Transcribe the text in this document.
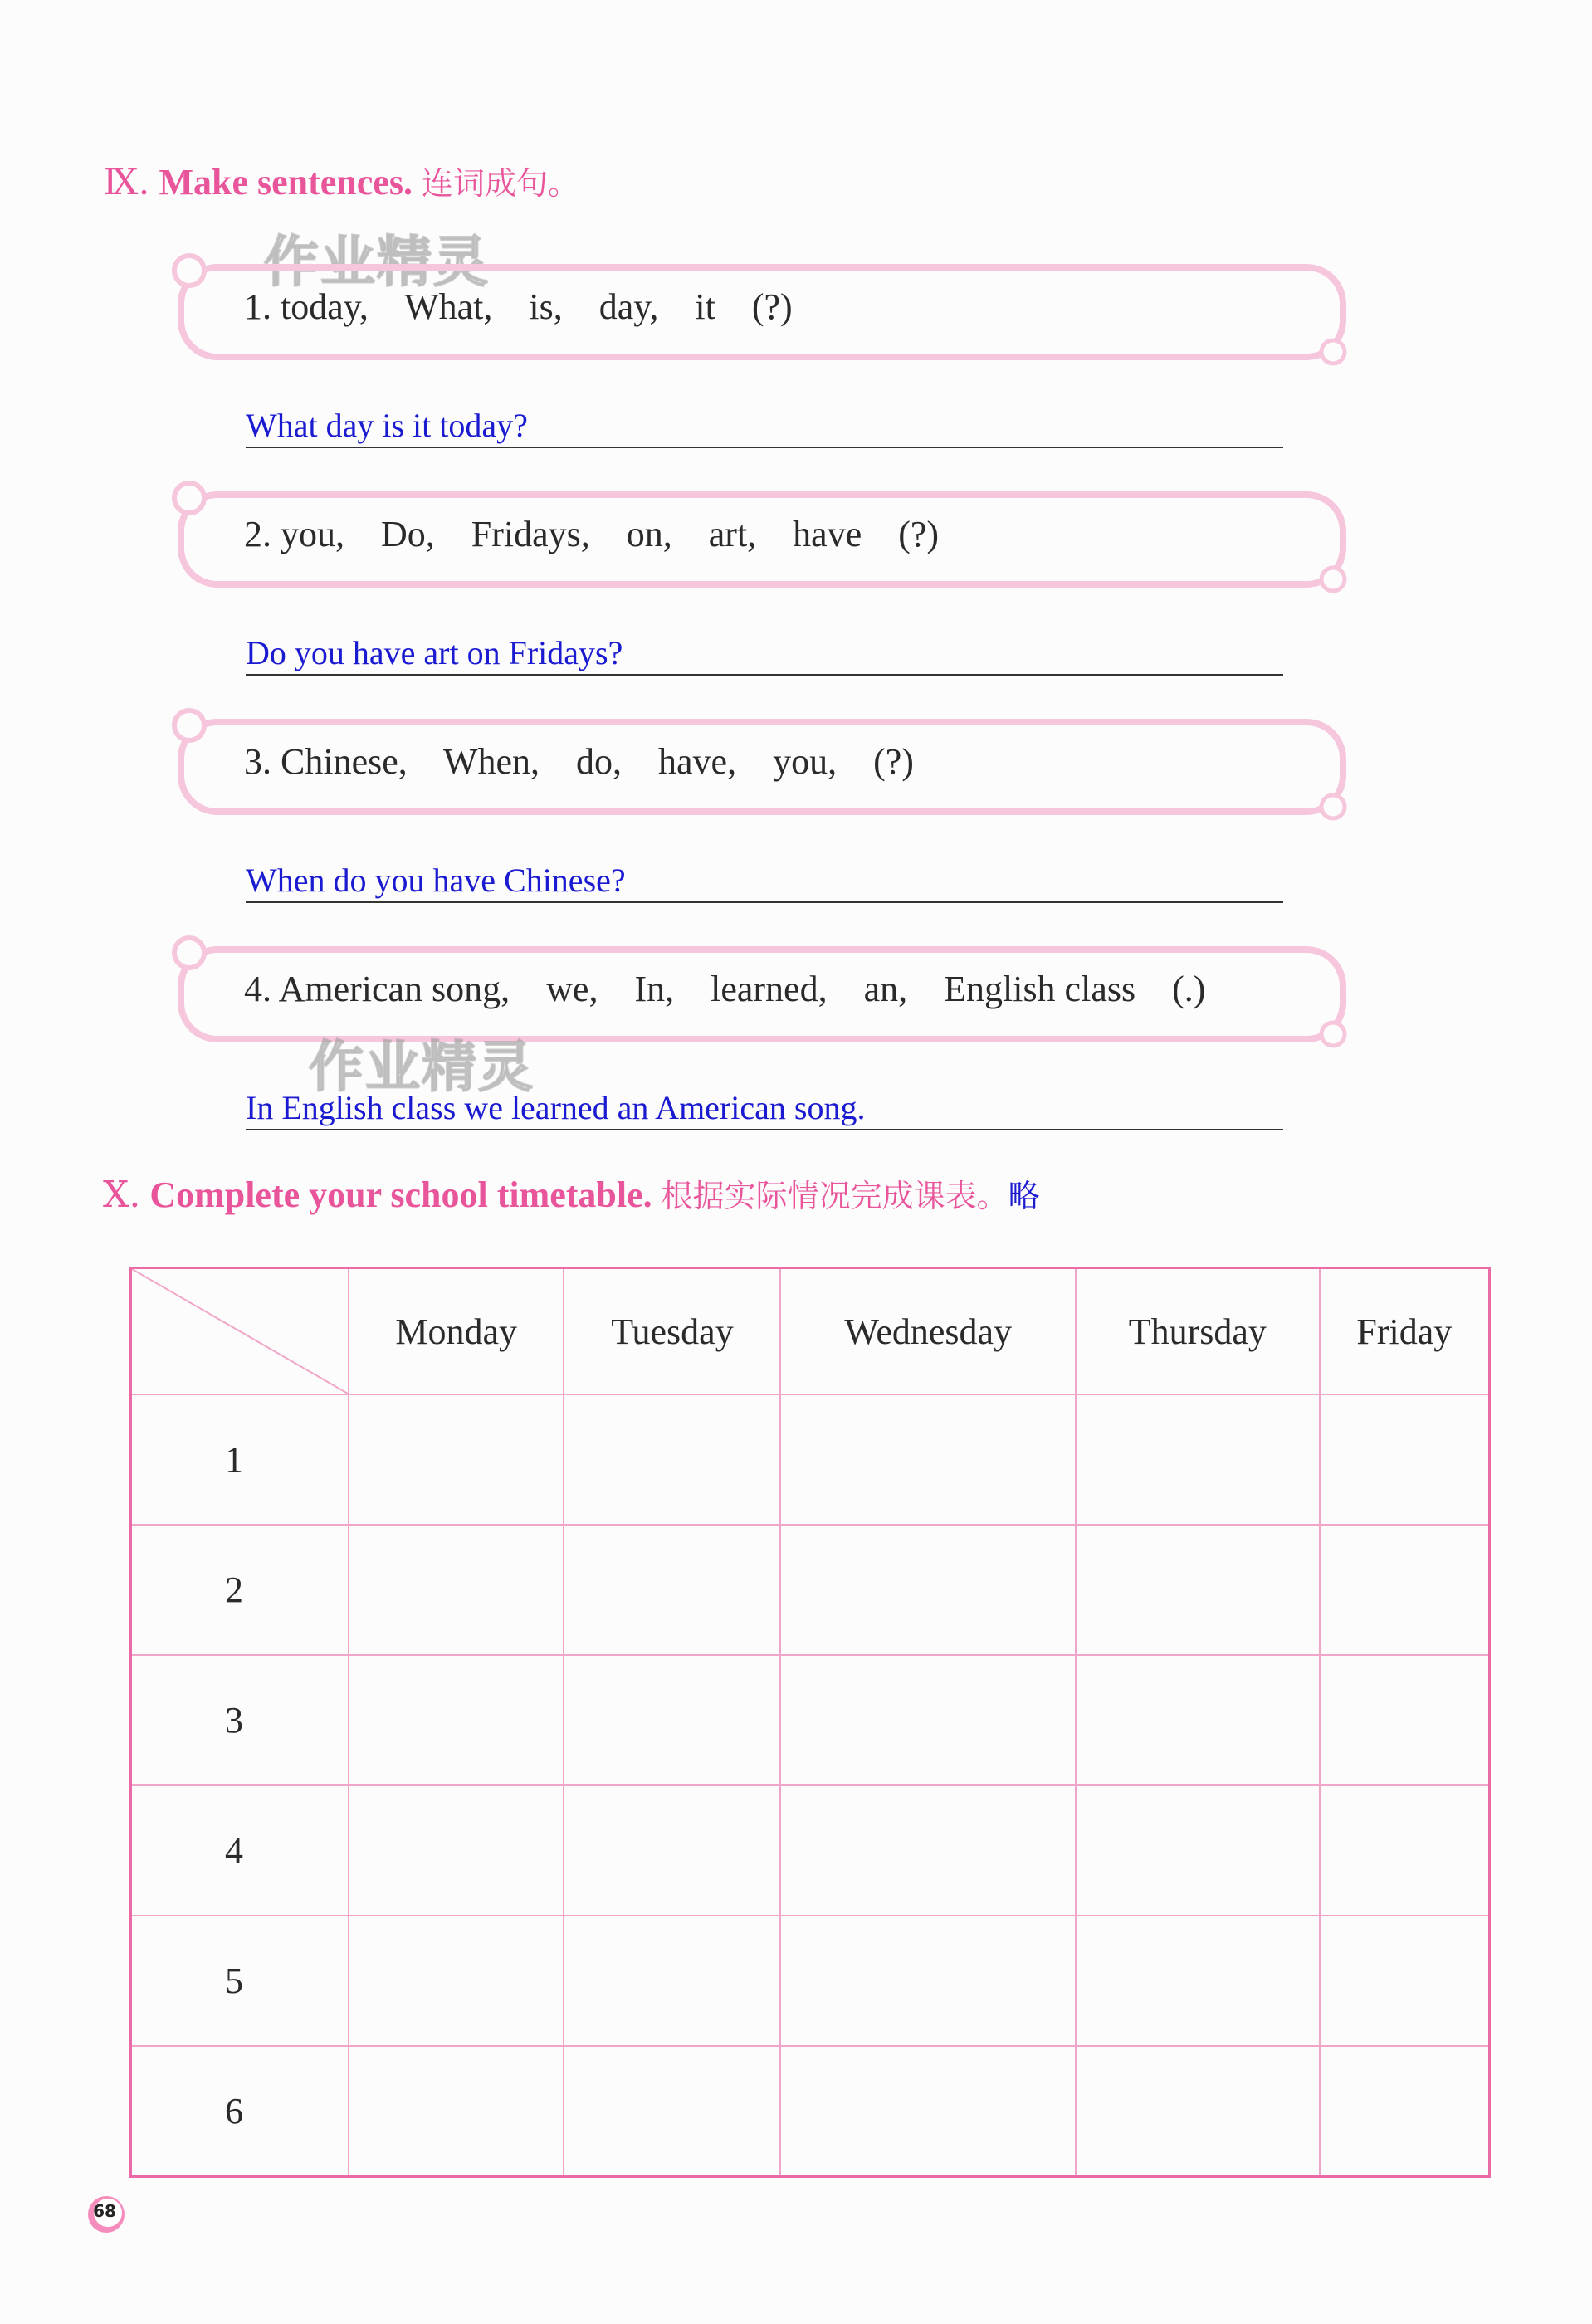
Ⅸ. Make sentences. 连词成句。
作业精灵
1. today,    What,    is,    day,    it    (?)
What day is it today?
2. you,    Do,    Fridays,    on,    art,    have    (?)
Do you have art on Fridays?
3. Chinese,    When,    do,    have,    you,    (?)
When do you have Chinese?
4. American song,    we,    In,    learned,    an,    English class    (.)
作业精灵
In English class we learned an American song.
Ⅹ. Complete your school timetable. 根据实际情况完成课表。略
	Monday	Tuesday	Wednesday	Thursday	Friday
1					
2					
3					
4					
5					
6					
68
